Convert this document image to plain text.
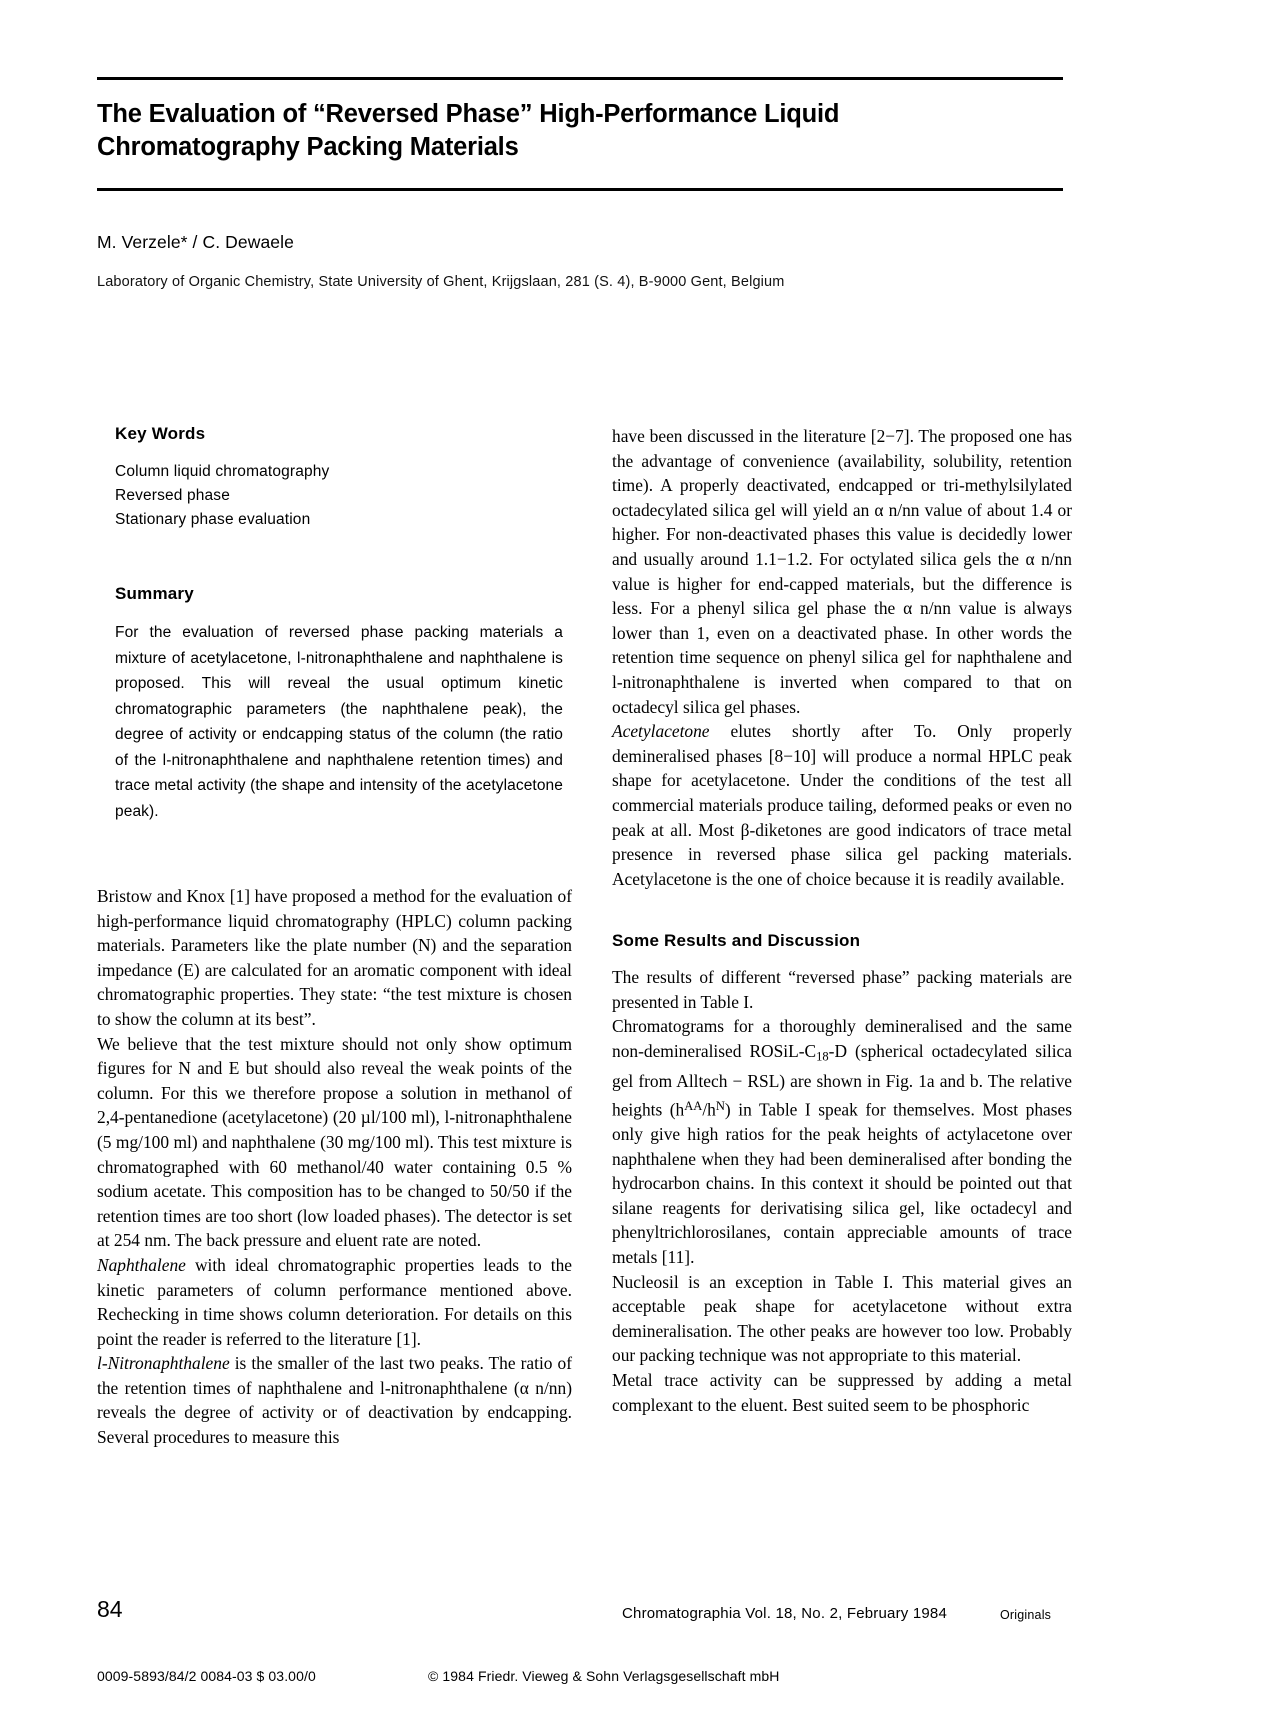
The Evaluation of “Reversed Phase” High-Performance Liquid Chromatography Packing Materials
M. Verzele* / C. Dewaele
Laboratory of Organic Chemistry, State University of Ghent, Krijgslaan, 281 (S. 4), B-9000 Gent, Belgium
Key Words
Column liquid chromatography
Reversed phase
Stationary phase evaluation
Summary

For the evaluation of reversed phase packing materials a mixture of acetylacetone, l-nitronaphthalene and naphthalene is proposed. This will reveal the usual optimum kinetic chromatographic parameters (the naphthalene peak), the degree of activity or endcapping status of the column (the ratio of the l-nitronaphthalene and naphthalene retention times) and trace metal activity (the shape and intensity of the acetylacetone peak).

Bristow and Knox [1] have proposed a method for the evaluation of high-performance liquid chromatography (HPLC) column packing materials. Parameters like the plate number (N) and the separation impedance (E) are calculated for an aromatic component with ideal chromatographic properties. They state: “the test mixture is chosen to show the column at its best”.

We believe that the test mixture should not only show optimum figures for N and E but should also reveal the weak points of the column. For this we therefore propose a solution in methanol of 2,4-pentanedione (acetylacetone) (20 µl/100 ml), l-nitronaphthalene (5 mg/100 ml) and naphthalene (30 mg/100 ml). This test mixture is chromatographed with 60 methanol/40 water containing 0.5 % sodium acetate. This composition has to be changed to 50/50 if the retention times are too short (low loaded phases). The detector is set at 254 nm. The back pressure and eluent rate are noted.

Naphthalene with ideal chromatographic properties leads to the kinetic parameters of column performance mentioned above. Rechecking in time shows column deterioration. For details on this point the reader is referred to the literature [1].

l-Nitronaphthalene is the smaller of the last two peaks. The ratio of the retention times of naphthalene and l-nitronaphthalene (α n/nn) reveals the degree of activity or of deactivation by endcapping. Several procedures to measure this

have been discussed in the literature [2−7]. The proposed one has the advantage of convenience (availability, solubility, retention time). A properly deactivated, endcapped or tri-methylsilylated octadecylated silica gel will yield an α n/nn value of about 1.4 or higher. For non-deactivated phases this value is decidedly lower and usually around 1.1−1.2. For octylated silica gels the α n/nn value is higher for end-capped materials, but the difference is less. For a phenyl silica gel phase the α n/nn value is always lower than 1, even on a deactivated phase. In other words the retention time sequence on phenyl silica gel for naphthalene and l-nitronaphthalene is inverted when compared to that on octadecyl silica gel phases.

Acetylacetone elutes shortly after To. Only properly demineralised phases [8−10] will produce a normal HPLC peak shape for acetylacetone. Under the conditions of the test all commercial materials produce tailing, deformed peaks or even no peak at all. Most β-diketones are good indicators of trace metal presence in reversed phase silica gel packing materials. Acetylacetone is the one of choice because it is readily available.

Some Results and Discussion

The results of different “reversed phase” packing materials are presented in Table I.

Chromatograms for a thoroughly demineralised and the same non-demineralised ROSiL-$C_{18}-D$ (spherical octadecylated silica gel from Alltech − RSL) are shown in Fig. 1a and b. The relative heights $(h^{AA}/h^N)$ in Table I speak for themselves. Most phases only give high ratios for the peak heights of actylacetone over naphthalene when they had been demineralised after bonding the hydrocarbon chains. In this context it should be pointed out that silane reagents for derivatising silica gel, like octadecyl and phenyltrichlorosilanes, contain appreciable amounts of trace metals [11].

Nucleosil is an exception in Table I. This material gives an acceptable peak shape for acetylacetone without extra demineralisation. The other peaks are however too low. Probably our packing technique was not appropriate to this material.

Metal trace activity can be suppressed by adding a metal complexant to the eluent. Best suited seem to be phosphoric

84	Chromatographia Vol. 18, No. 2, February 1984	Originals
0009-5893/84/2 0084-03 $ 03.00/0	© 1984 Friedr. Vieweg & Sohn Verlagsgesellschaft mbH
